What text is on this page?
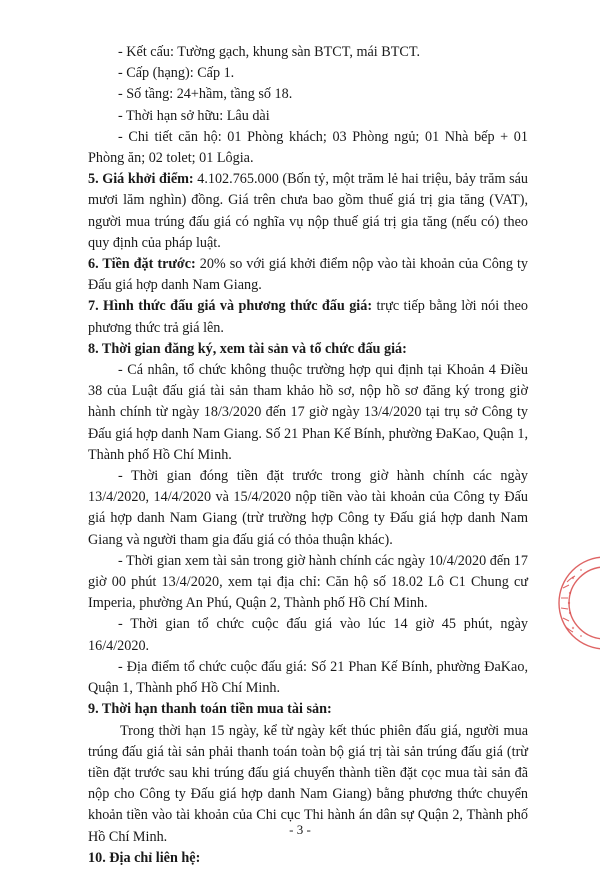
- Kết cấu: Tường gạch, khung sàn BTCT, mái BTCT.

- Cấp (hạng): Cấp 1.

- Số tầng: 24+hầm, tầng số 18.

- Thời hạn sở hữu: Lâu dài

- Chi tiết căn hộ: 01 Phòng khách; 03 Phòng ngủ; 01 Nhà bếp + 01 Phòng ăn; 02 tolet; 01 Lôgia.

5. Giá khởi điểm: 4.102.765.000 (Bốn tỷ, một trăm lẻ hai triệu, bảy trăm sáu mươi lăm nghìn) đồng. Giá trên chưa bao gồm thuế giá trị gia tăng (VAT), người mua trúng đấu giá có nghĩa vụ nộp thuế giá trị gia tăng (nếu có) theo quy định của pháp luật.

6. Tiền đặt trước: 20% so với giá khởi điểm nộp vào tài khoản của Công ty Đấu giá hợp danh Nam Giang.

7. Hình thức đấu giá và phương thức đấu giá: trực tiếp bằng lời nói theo phương thức trả giá lên.

8. Thời gian đăng ký, xem tài sản và tổ chức đấu giá:

- Cá nhân, tổ chức không thuộc trường hợp qui định tại Khoản 4 Điều 38 của Luật đấu giá tài sản tham khảo hồ sơ, nộp hồ sơ đăng ký trong giờ hành chính từ ngày 18/3/2020 đến 17 giờ ngày 13/4/2020 tại trụ sở Công ty Đấu giá hợp danh Nam Giang. Số 21 Phan Kế Bính, phường ĐaKao, Quận 1, Thành phố Hồ Chí Minh.

- Thời gian đóng tiền đặt trước trong giờ hành chính các ngày 13/4/2020, 14/4/2020 và 15/4/2020 nộp tiền vào tài khoản của Công ty Đấu giá hợp danh Nam Giang (trừ trường hợp Công ty Đấu giá hợp danh Nam Giang và người tham gia đấu giá có thỏa thuận khác).

- Thời gian xem tài sản trong giờ hành chính các ngày 10/4/2020 đến 17 giờ 00 phút 13/4/2020, xem tại địa chỉ: Căn hộ số 18.02 Lô C1 Chung cư Imperia, phường An Phú, Quận 2, Thành phố Hồ Chí Minh.

- Thời gian tổ chức cuộc đấu giá vào lúc 14 giờ 45 phút, ngày 16/4/2020.

- Địa điểm tổ chức cuộc đấu giá: Số 21 Phan Kế Bính, phường ĐaKao, Quận 1, Thành phố Hồ Chí Minh.

9. Thời hạn thanh toán tiền mua tài sản:

Trong thời hạn 15 ngày, kể từ ngày kết thúc phiên đấu giá, người mua trúng đấu giá tài sản phải thanh toán toàn bộ giá trị tài sản trúng đấu giá (trừ tiền đặt trước sau khi trúng đấu giá chuyển thành tiền đặt cọc mua tài sản đã nộp cho Công ty Đấu giá hợp danh Nam Giang) bằng phương thức chuyển khoản tiền vào tài khoản của Chi cục Thi hành án dân sự Quận 2, Thành phố Hồ Chí Minh.

10. Địa chỉ liên hệ:

- 3 -
